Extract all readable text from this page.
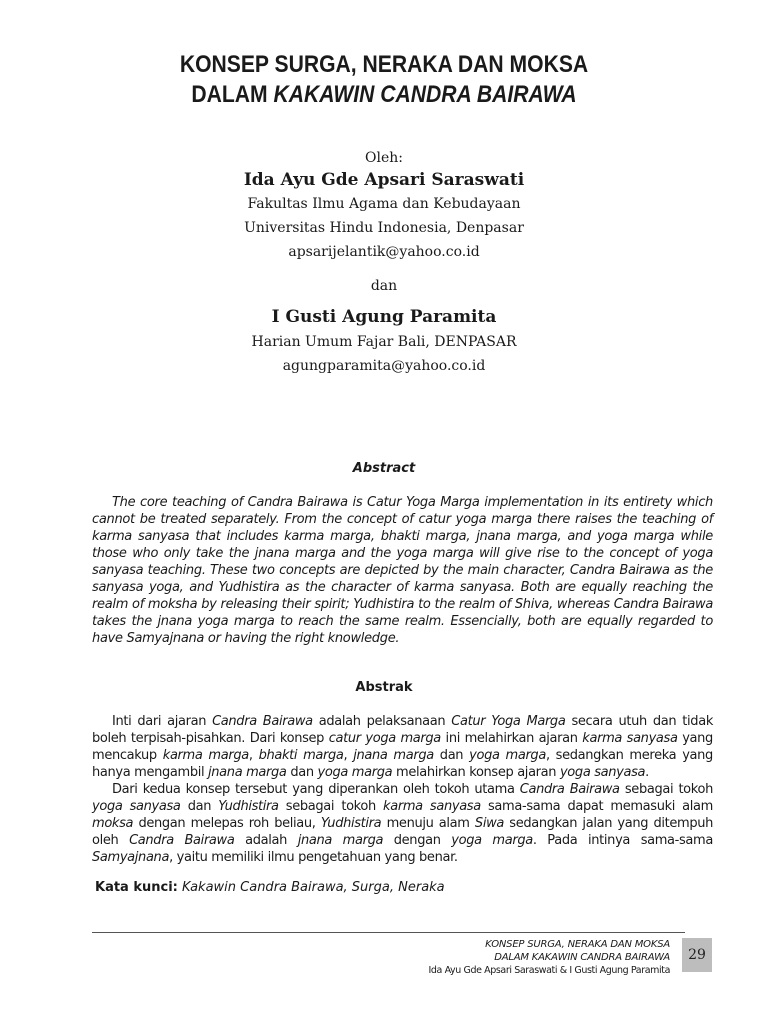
KONSEP SURGA, NERAKA DAN MOKSA
DALAM KAKAWIN CANDRA BAIRAWA
Oleh:
Ida Ayu Gde Apsari Saraswati
Fakultas Ilmu Agama dan Kebudayaan
Universitas Hindu Indonesia, Denpasar
apsarijelantik@yahoo.co.id
dan
I Gusti Agung Paramita
Harian Umum Fajar Bali, DENPASAR
agungparamita@yahoo.co.id
Abstract
The core teaching of Candra Bairawa is Catur Yoga Marga implementation in its entirety which cannot be treated separately. From the concept of catur yoga marga there raises the teaching of karma sanyasa that includes karma marga, bhakti marga, jnana marga, and yoga marga while those who only take the jnana marga and the yoga marga will give rise to the concept of yoga sanyasa teaching. These two concepts are depicted by the main character, Candra Bairawa as the sanyasa yoga, and Yudhistira as the character of karma sanyasa. Both are equally reaching the realm of moksha by releasing their spirit; Yudhistira to the realm of Shiva, whereas Candra Bairawa takes the jnana yoga marga to reach the same realm. Essencially, both are equally regarded to have Samyajnana or having the right knowledge.
Abstrak
Inti dari ajaran Candra Bairawa adalah pelaksanaan Catur Yoga Marga secara utuh dan tidak boleh terpisah-pisahkan. Dari konsep catur yoga marga ini melahirkan ajaran karma sanyasa yang mencakup karma marga, bhakti marga, jnana marga dan yoga marga, sedangkan mereka yang hanya mengambil jnana marga dan yoga marga melahirkan konsep ajaran yoga sanyasa.
Dari kedua konsep tersebut yang diperankan oleh tokoh utama Candra Bairawa sebagai tokoh yoga sanyasa dan Yudhistira sebagai tokoh karma sanyasa sama-sama dapat memasuki alam moksa dengan melepas roh beliau, Yudhistira menuju alam Siwa sedangkan jalan yang ditempuh oleh Candra Bairawa adalah jnana marga dengan yoga marga. Pada intinya sama-sama Samyajnana, yaitu memiliki ilmu pengetahuan yang benar.
Kata kunci: Kakawin Candra Bairawa, Surga, Neraka
KONSEP SURGA, NERAKA DAN MOKSA
DALAM KAKAWIN CANDRA BAIRAWA
Ida Ayu Gde Apsari Saraswati & I Gusti Agung Paramita
29
